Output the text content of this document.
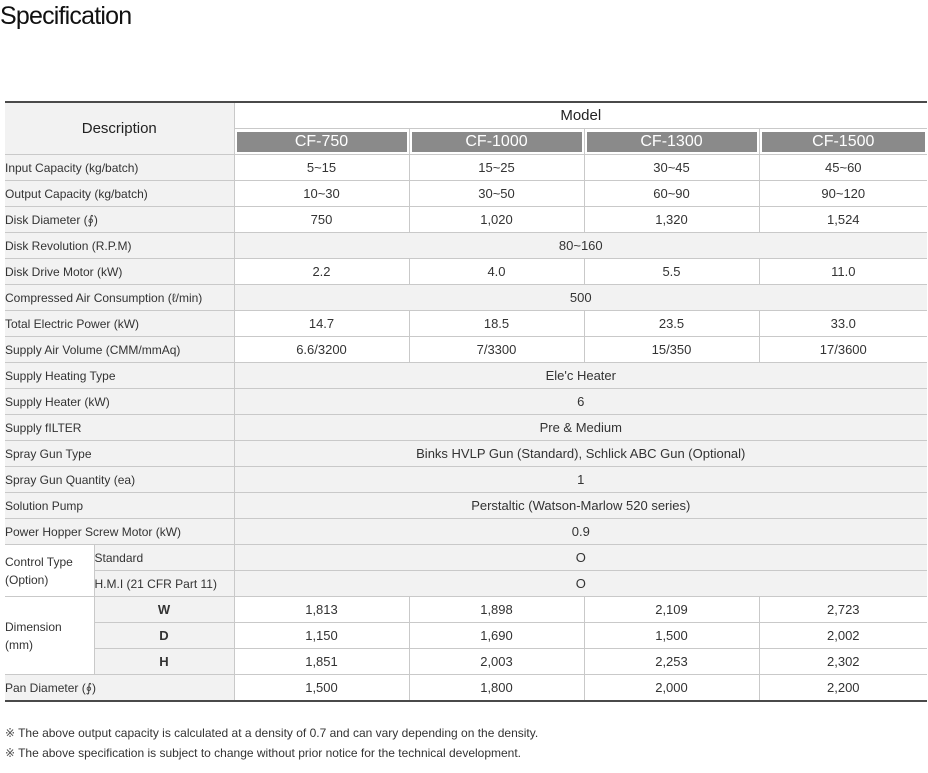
Specification
Description		Model			

		CF-750	CF-1000	CF-1300	CF-1500

Input Capacity (kg/batch)		5~15	15~25	30~45	45~60
Output Capacity (kg/batch)		10~30	30~50	60~90	90~120
Disk Diameter (∮)		750	1,020	1,320	1,524
Disk Revolution (R.P.M)		80~160			
Disk Drive Motor (kW)		2.2	4.0	5.5	11.0
Compressed Air Consumption (ℓ/min)		500			
Total Electric Power (kW)		14.7	18.5	23.5	33.0
Supply Air Volume (CMM/mmAq)		6.6/3200	7/3300	15/350	17/3600
Supply Heating Type		Ele'c Heater			
Supply Heater (kW)		6			
Supply fILTER		Pre & Medium			
Spray Gun Type		Binks HVLP Gun (Standard), Schlick ABC Gun (Optional)			
Spray Gun Quantity (ea)		1			
Solution Pump		Perstaltic (Watson-Marlow 520 series)			
Power Hopper Screw Motor (kW)		0.9			

Control Type
(Option)	Standard	O			
	H.M.I (21 CFR Part 11)	O			

Dimension
(mm)	W	1,813	1,898	2,109	2,723
	D	1,150	1,690	1,500	2,002
	H	1,851	2,003	2,253	2,302
Pan Diameter (∮)		1,500	1,800	2,000	2,200
※ The above output capacity is calculated at a density of 0.7 and can vary depending on the density.
※ The above specification is subject to change without prior notice for the technical development.
